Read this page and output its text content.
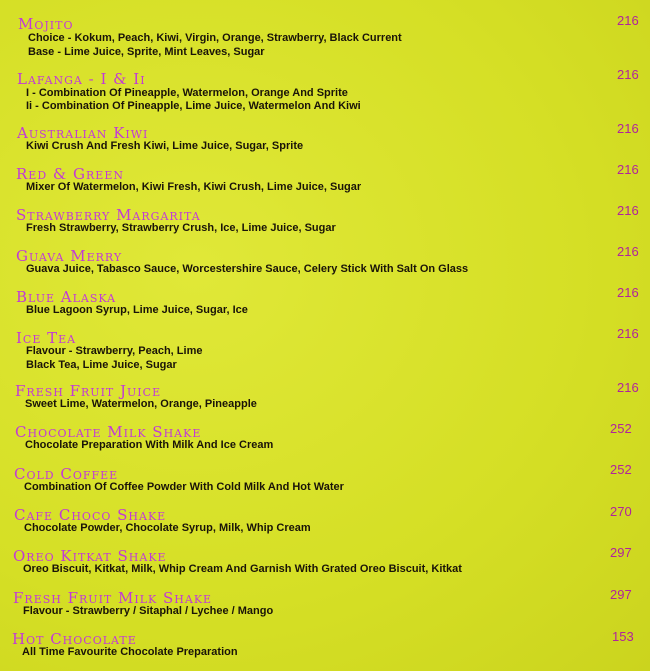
Mojito	216
Choice - Kokum, Peach, Kiwi, Virgin, Orange, Strawberry, Black Current
Base - Lime Juice, Sprite, Mint Leaves, Sugar
Lafanga - I & Ii	216
I - Combination Of Pineapple, Watermelon, Orange And Sprite
Ii - Combination Of Pineapple, Lime Juice, Watermelon And Kiwi
Australian Kiwi	216
Kiwi Crush And Fresh Kiwi, Lime Juice, Sugar, Sprite
Red & Green	216
Mixer Of Watermelon, Kiwi Fresh, Kiwi Crush, Lime Juice, Sugar
Strawberry Margarita	216
Fresh Strawberry, Strawberry Crush, Ice, Lime Juice, Sugar
Guava Merry	216
Guava Juice, Tabasco Sauce, Worcestershire Sauce, Celery Stick With Salt On Glass
Blue Alaska	216
Blue Lagoon Syrup, Lime Juice, Sugar, Ice
Ice Tea	216
Flavour - Strawberry, Peach, Lime
Black Tea, Lime Juice, Sugar
Fresh Fruit Juice	216
Sweet Lime, Watermelon, Orange, Pineapple
Chocolate Milk Shake	252
Chocolate Preparation With Milk And Ice Cream
Cold Coffee	252
Combination Of Coffee Powder With Cold Milk And Hot Water
Cafe Choco Shake	270
Chocolate Powder, Chocolate Syrup, Milk, Whip Cream
Oreo Kitkat Shake	297
Oreo Biscuit, Kitkat, Milk, Whip Cream And Garnish With Grated Oreo Biscuit, Kitkat
Fresh Fruit Milk Shake	297
Flavour - Strawberry / Sitaphal / Lychee / Mango
Hot Chocolate	153
All Time Favourite Chocolate Preparation
